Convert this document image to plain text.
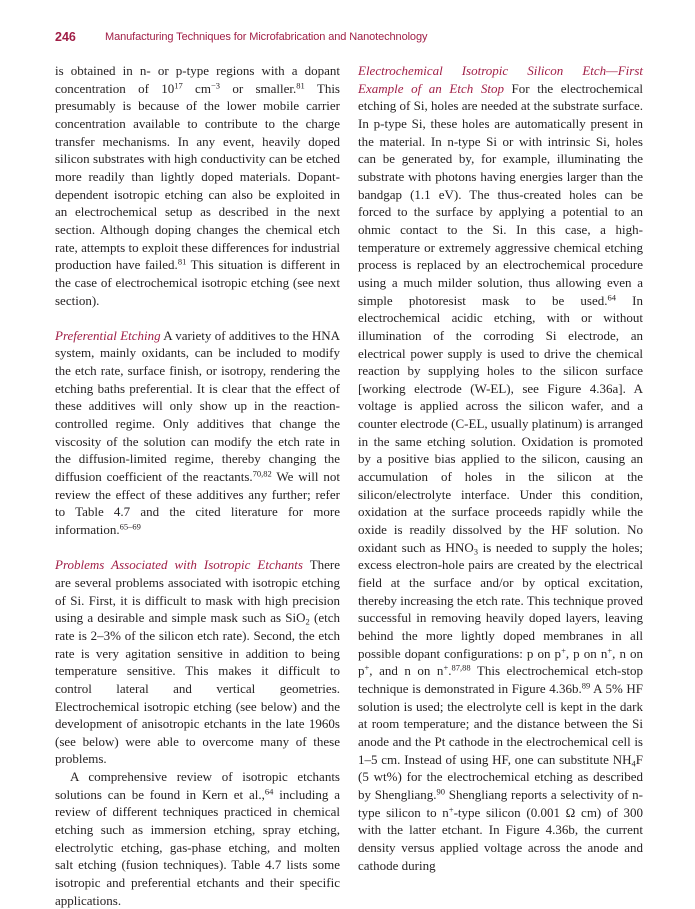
246	Manufacturing Techniques for Microfabrication and Nanotechnology

is obtained in n- or p-type regions with a dopant concentration of $10^{17}$ $cm^{-3}$ or smaller.$^{81}$ This presumably is because of the lower mobile carrier concentration available to contribute to the charge transfer mechanisms. In any event, heavily doped silicon substrates with high conductivity can be etched more readily than lightly doped materials. Dopant-dependent isotropic etching can also be exploited in an electrochemical setup as described in the next section. Although doping changes the chemical etch rate, attempts to exploit these differences for industrial production have failed.$^{81}$ This situation is different in the case of electrochemical isotropic etching (see next section).

Preferential Etching A variety of additives to the HNA system, mainly oxidants, can be included to modify the etch rate, surface finish, or isotropy, rendering the etching baths preferential. It is clear that the effect of these additives will only show up in the reaction-controlled regime. Only additives that change the viscosity of the solution can modify the etch rate in the diffusion-limited regime, thereby changing the diffusion coefficient of the reactants.$^{70,82}$ We will not review the effect of these additives any further; refer to Table 4.7 and the cited literature for more information.$^{65-69}$

Problems Associated with Isotropic Etchants There are several problems associated with isotropic etching of Si. First, it is difficult to mask with high precision using a desirable and simple mask such as SiO$_2$ (etch rate is 2–3% of the silicon etch rate). Second, the etch rate is very agitation sensitive in addition to being temperature sensitive. This makes it difficult to control lateral and vertical geometries. Electrochemical isotropic etching (see below) and the development of anisotropic etchants in the late 1960s (see below) were able to overcome many of these problems.

A comprehensive review of isotropic etchants solutions can be found in Kern et al.,$^{64}$ including a review of different techniques practiced in chemical etching such as immersion etching, spray etching, electrolytic etching, gas-phase etching, and molten salt etching (fusion techniques). Table 4.7 lists some isotropic and preferential etchants and their specific applications.

Electrochemical Isotropic Silicon Etch—First Example of an Etch Stop For the electrochemical etching of Si, holes are needed at the substrate surface. In p-type Si, these holes are automatically present in the material. In n-type Si or with intrinsic Si, holes can be generated by, for example, illuminating the substrate with photons having energies larger than the bandgap (1.1 eV). The thus-created holes can be forced to the surface by applying a potential to an ohmic contact to the Si. In this case, a high-temperature or extremely aggressive chemical etching process is replaced by an electrochemical procedure using a much milder solution, thus allowing even a simple photoresist mask to be used.$^{64}$ In electrochemical acidic etching, with or without illumination of the corroding Si electrode, an electrical power supply is used to drive the chemical reaction by supplying holes to the silicon surface [working electrode (W-EL), see Figure 4.36a]. A voltage is applied across the silicon wafer, and a counter electrode (C-EL, usually platinum) is arranged in the same etching solution. Oxidation is promoted by a positive bias applied to the silicon, causing an accumulation of holes in the silicon at the silicon/electrolyte interface. Under this condition, oxidation at the surface proceeds rapidly while the oxide is readily dissolved by the HF solution. No oxidant such as $HNO_3$ is needed to supply the holes; excess electron-hole pairs are created by the electrical field at the surface and/or by optical excitation, thereby increasing the etch rate. This technique proved successful in removing heavily doped layers, leaving behind the more lightly doped membranes in all possible dopant configurations: p on p+, p on n+, n on p+, and n on n+.$^{87,88}$ This electrochemical etch-stop technique is demonstrated in Figure 4.36b.$^{89}$ A 5% HF solution is used; the electrolyte cell is kept in the dark at room temperature; and the distance between the Si anode and the Pt cathode in the electrochemical cell is 1–5 cm. Instead of using HF, one can substitute $NH_4F$ (5 wt%) for the electrochemical etching as described by Shengliang.$^{90}$ Shengliang reports a selectivity of n-type silicon to n+-type silicon (0.001 Ω cm) of 300 with the latter etchant. In Figure 4.36b, the current density versus applied voltage across the anode and cathode during
